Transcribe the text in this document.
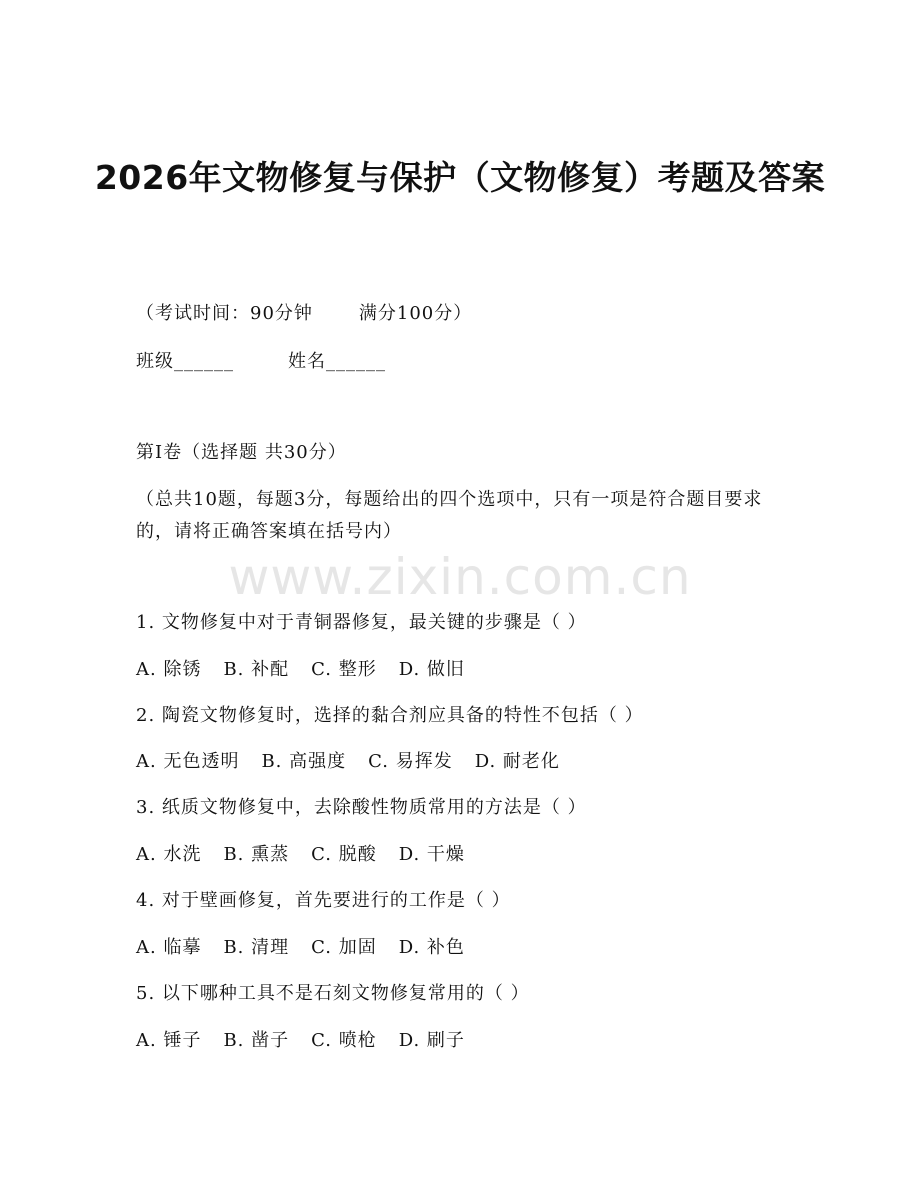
2026年文物修复与保护（文物修复）考题及答案
（考试时间：90分钟	满分100分）
班级______	姓名______
第I卷（选择题 共30分）
（总共10题，每题3分，每题给出的四个选项中，只有一项是符合题目要求的，请将正确答案填在括号内）
www.zixin.com.cn
1. 文物修复中对于青铜器修复，最关键的步骤是（ ）
A. 除锈 B. 补配 C. 整形 D. 做旧
2. 陶瓷文物修复时，选择的黏合剂应具备的特性不包括（ ）
A. 无色透明 B. 高强度 C. 易挥发 D. 耐老化
3. 纸质文物修复中，去除酸性物质常用的方法是（ ）
A. 水洗 B. 熏蒸 C. 脱酸 D. 干燥
4. 对于壁画修复，首先要进行的工作是（ ）
A. 临摹 B. 清理 C. 加固 D. 补色
5. 以下哪种工具不是石刻文物修复常用的（ ）
A. 锤子 B. 凿子 C. 喷枪 D. 刷子
